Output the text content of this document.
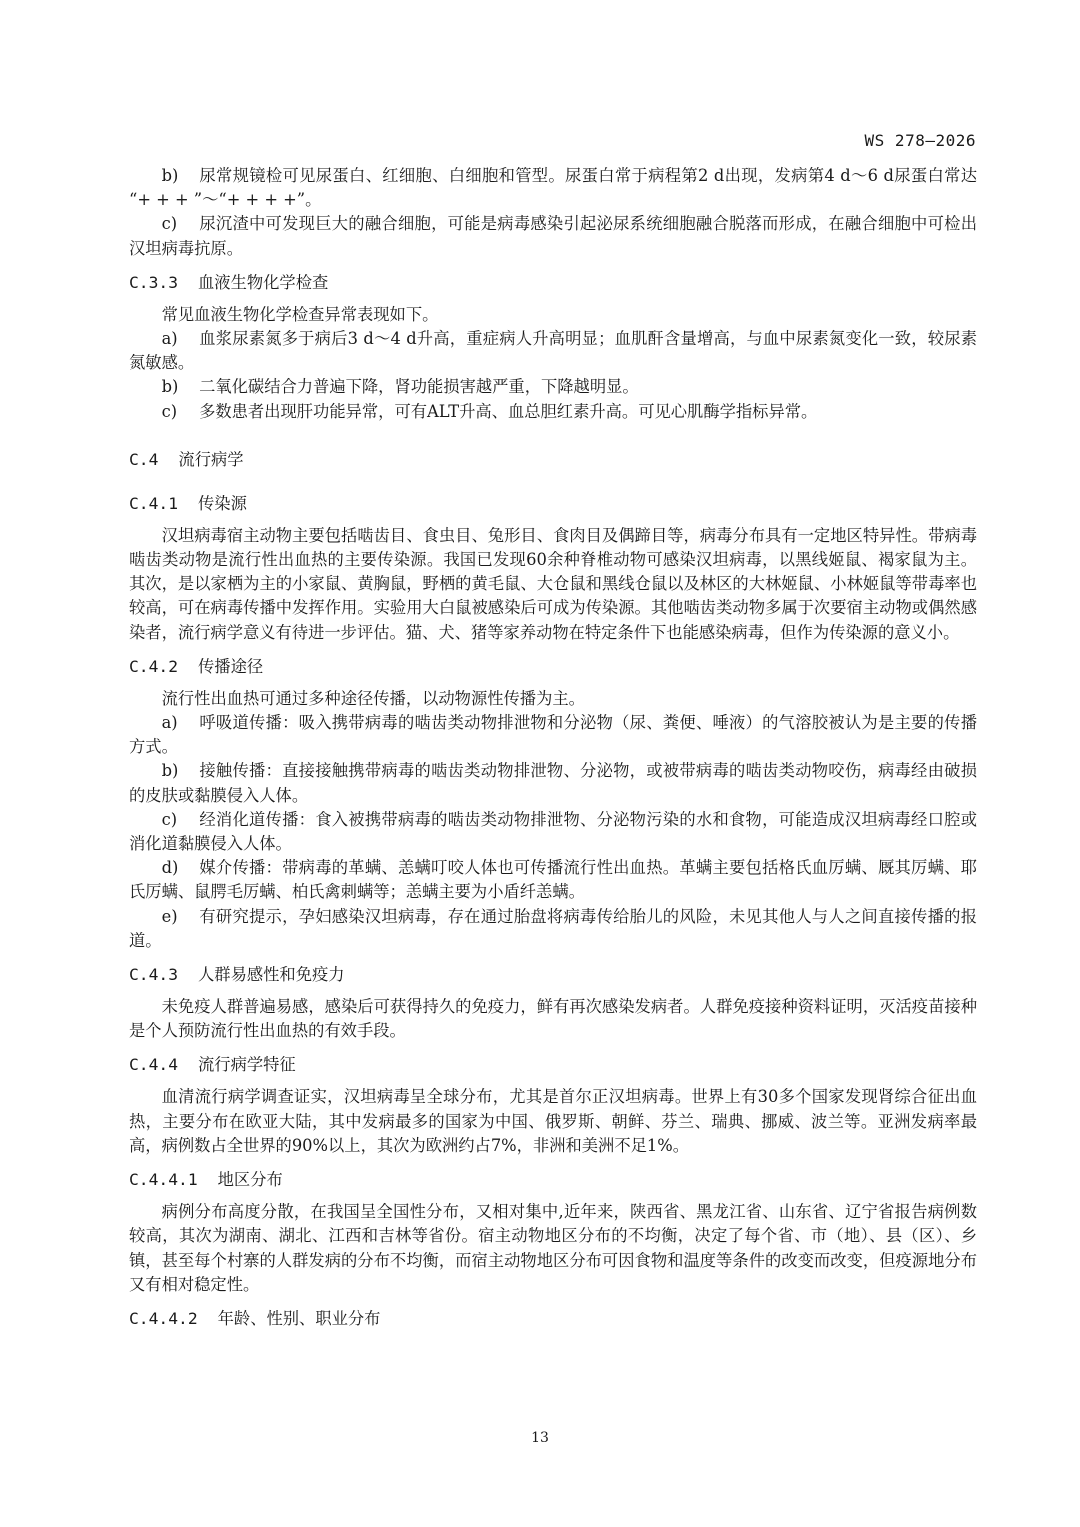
WS 278—2026

b) 尿常规镜检可见尿蛋白、红细胞、白细胞和管型。尿蛋白常于病程第2 d出现，发病第4 d～6 d尿蛋白常达 “+ + + ”～“+ + + +”。

c) 尿沉渣中可发现巨大的融合细胞，可能是病毒感染引起泌尿系统细胞融合脱落而形成，在融合细胞中可检出汉坦病毒抗原。

C.3.3 血液生物化学检查

常见血液生物化学检查异常表现如下。

a) 血浆尿素氮多于病后3 d～4 d升高，重症病人升高明显；血肌酐含量增高，与血中尿素氮变化一致，较尿素氮敏感。

b) 二氧化碳结合力普遍下降，肾功能损害越严重，下降越明显。

c) 多数患者出现肝功能异常，可有ALT升高、血总胆红素升高。可见心肌酶学指标异常。

C.4 流行病学
C.4.1 传染源

汉坦病毒宿主动物主要包括啮齿目、食虫目、兔形目、食肉目及偶蹄目等，病毒分布具有一定地区特异性。带病毒啮齿类动物是流行性出血热的主要传染源。我国已发现60余种脊椎动物可感染汉坦病毒，以黑线姬鼠、褐家鼠为主。其次，是以家栖为主的小家鼠、黄胸鼠，野栖的黄毛鼠、大仓鼠和黑线仓鼠以及林区的大林姬鼠、小林姬鼠等带毒率也较高，可在病毒传播中发挥作用。实验用大白鼠被感染后可成为传染源。其他啮齿类动物多属于次要宿主动物或偶然感染者，流行病学意义有待进一步评估。猫、犬、猪等家养动物在特定条件下也能感染病毒，但作为传染源的意义小。

C.4.2 传播途径

流行性出血热可通过多种途径传播，以动物源性传播为主。

a) 呼吸道传播：吸入携带病毒的啮齿类动物排泄物和分泌物（尿、粪便、唾液）的气溶胶被认为是主要的传播方式。

b) 接触传播：直接接触携带病毒的啮齿类动物排泄物、分泌物，或被带病毒的啮齿类动物咬伤，病毒经由破损的皮肤或黏膜侵入人体。

c) 经消化道传播：食入被携带病毒的啮齿类动物排泄物、分泌物污染的水和食物，可能造成汉坦病毒经口腔或消化道黏膜侵入人体。

d) 媒介传播：带病毒的革螨、恙螨叮咬人体也可传播流行性出血热。革螨主要包括格氏血厉螨、厩其厉螨、耶氏厉螨、鼠腭毛厉螨、柏氏禽刺螨等；恙螨主要为小盾纤恙螨。

e) 有研究提示，孕妇感染汉坦病毒，存在通过胎盘将病毒传给胎儿的风险，未见其他人与人之间直接传播的报道。

C.4.3 人群易感性和免疫力

未免疫人群普遍易感，感染后可获得持久的免疫力，鲜有再次感染发病者。人群免疫接种资料证明，灭活疫苗接种是个人预防流行性出血热的有效手段。

C.4.4 流行病学特征

血清流行病学调查证实，汉坦病毒呈全球分布，尤其是首尔正汉坦病毒。世界上有30多个国家发现肾综合征出血热，主要分布在欧亚大陆，其中发病最多的国家为中国、俄罗斯、朝鲜、芬兰、瑞典、挪威、波兰等。亚洲发病率最高，病例数占全世界的90%以上，其次为欧洲约占7%，非洲和美洲不足1%。

C.4.4.1 地区分布

病例分布高度分散，在我国呈全国性分布，又相对集中,近年来，陕西省、黑龙江省、山东省、辽宁省报告病例数较高，其次为湖南、湖北、江西和吉林等省份。宿主动物地区分布的不均衡，决定了每个省、市（地）、县（区）、乡镇，甚至每个村寨的人群发病的分布不均衡，而宿主动物地区分布可因食物和温度等条件的改变而改变，但疫源地分布又有相对稳定性。

C.4.4.2 年龄、性别、职业分布
13
